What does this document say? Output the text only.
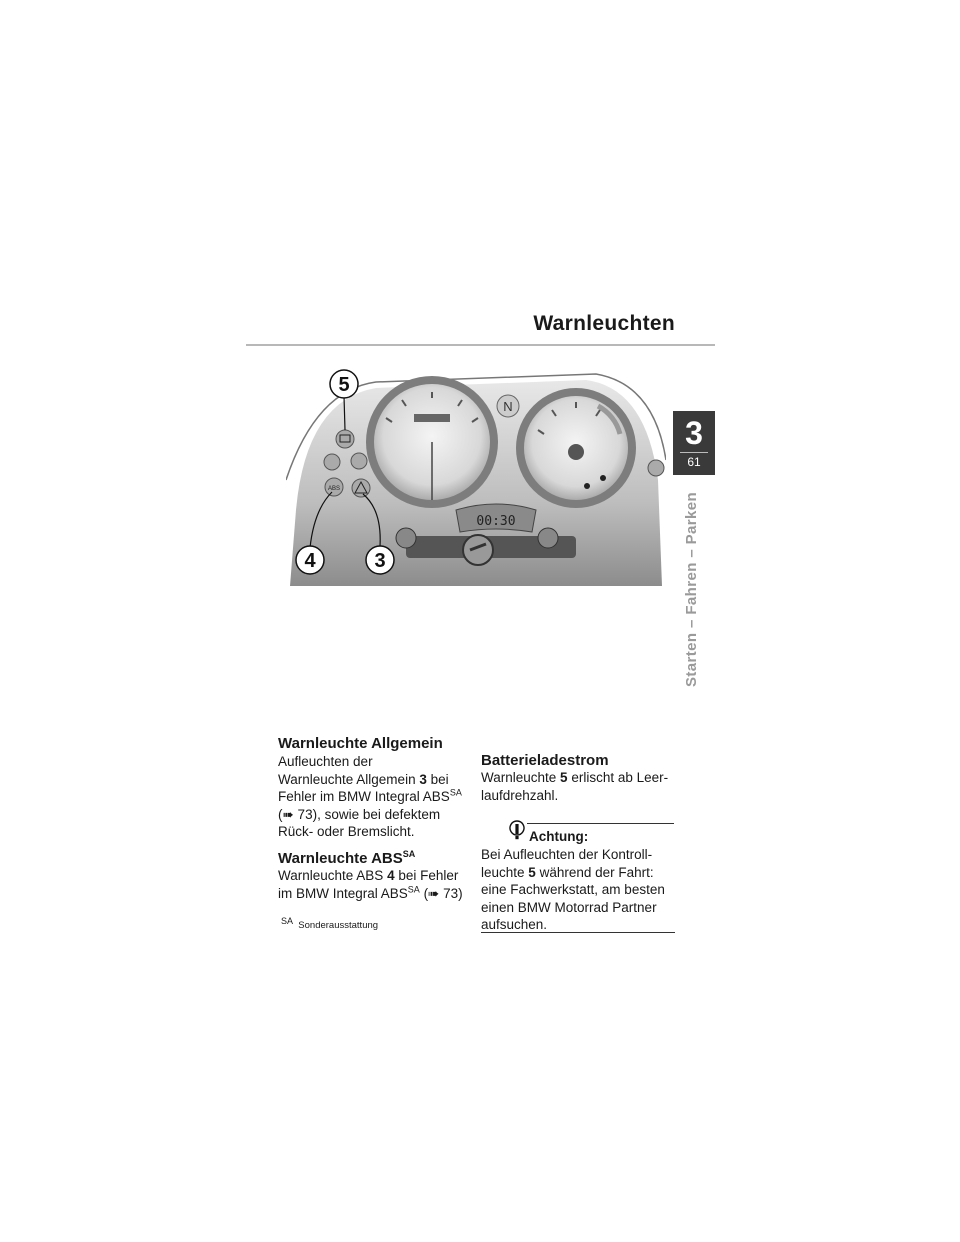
Warnleuchten
3
61
Starten – Fahren – Parken
N
ABS
00:30
5
4	3
Warnleuchte Allgemein
Aufleuchten der
Warnleuchte Allgemein 3 bei
Fehler im BMW Integral $ABS^{SA}$
(➠ 73), sowie bei defektem
Rück- oder Bremslicht.
Warnleuchte $ABS^{SA}$
Warnleuchte ABS 4 bei Fehler
im BMW Integral $ABS^{SA}$ (➠ 73)
$^{SA}$ Sonderausstattung
Batterieladestrom
Warnleuchte 5 erlischt ab Leer-
laufdrehzahl.
Achtung:
Bei Aufleuchten der Kontroll-
leuchte 5 während der Fahrt:
eine Fachwerkstatt, am besten
einen BMW Motorrad Partner
aufsuchen.
